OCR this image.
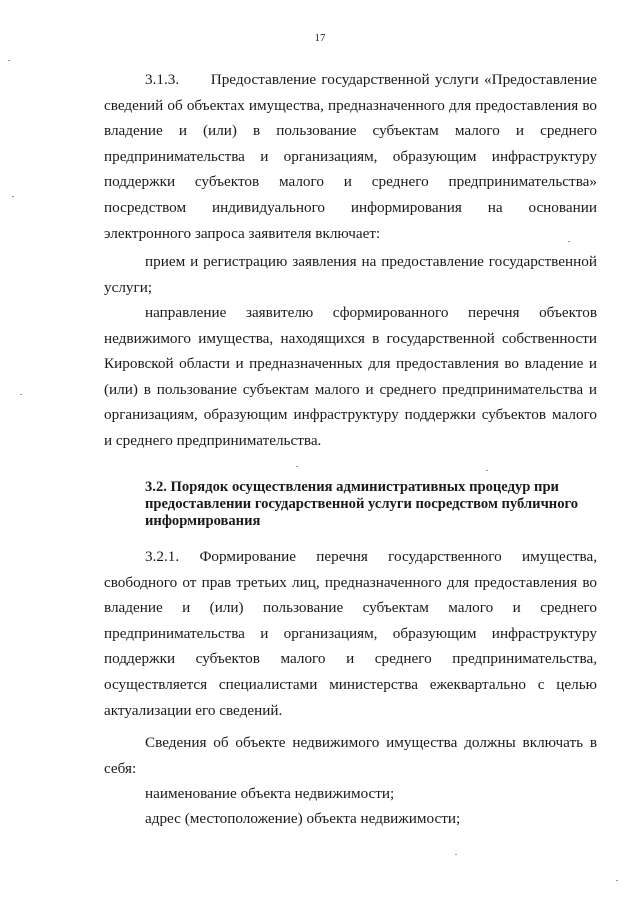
17

3.1.3. Предоставление государственной услуги «Предоставление сведений об объектах имущества, предназначенного для предоставления во владение и (или) в пользование субъектам малого и среднего предпринимательства и организациям, образующим инфраструктуру поддержки субъектов малого и среднего предпринимательства» посредством индивидуального информирования на основании электронного запроса заявителя включает:

прием и регистрацию заявления на предоставление государственной услуги;

направление заявителю сформированного перечня объектов недвижимого имущества, находящихся в государственной собственности Кировской области и предназначенных для предоставления во владение и (или) в пользование субъектам малого и среднего предпринимательства и организациям, образующим инфраструктуру поддержки субъектов малого и среднего предпринимательства.

3.2. Порядок осуществления административных процедур при предоставлении государственной услуги посредством публичного информирования

3.2.1. Формирование перечня государственного имущества, свободного от прав третьих лиц, предназначенного для предоставления во владение и (или) пользование субъектам малого и среднего предпринимательства и организациям, образующим инфраструктуру поддержки субъектов малого и среднего предпринимательства, осуществляется специалистами министерства ежеквартально с целью актуализации его сведений.

Сведения об объекте недвижимого имущества должны включать в себя:

наименование объекта недвижимости;

адрес (местоположение) объекта недвижимости;
